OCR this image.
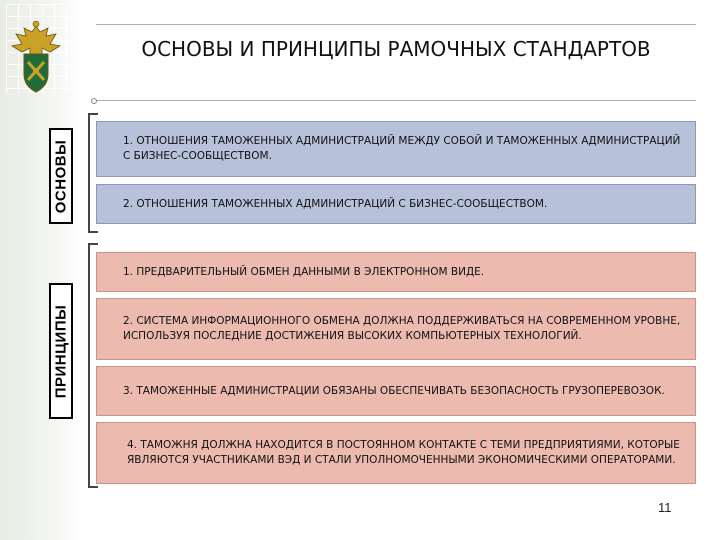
ОСНОВЫ
ПРИНЦИПЫ
ОСНОВЫ И ПРИНЦИПЫ РАМОЧНЫХ СТАНДАРТОВ
1. ОТНОШЕНИЯ ТАМОЖЕННЫХ АДМИНИСТРАЦИЙ МЕЖДУ СОБОЙ И ТАМОЖЕННЫХ АДМИНИСТРАЦИЙ С БИЗНЕС-СООБЩЕСТВОМ.
2. ОТНОШЕНИЯ ТАМОЖЕННЫХ АДМИНИСТРАЦИЙ С БИЗНЕС-СООБЩЕСТВОМ.
1. ПРЕДВАРИТЕЛЬНЫЙ ОБМЕН ДАННЫМИ В ЭЛЕКТРОННОМ ВИДЕ.
2. СИСТЕМА ИНФОРМАЦИОННОГО ОБМЕНА ДОЛЖНА ПОДДЕРЖИВАТЬСЯ НА СОВРЕМЕННОМ УРОВНЕ, ИСПОЛЬЗУЯ ПОСЛЕДНИЕ ДОСТИЖЕНИЯ ВЫСОКИХ КОМПЬЮТЕРНЫХ ТЕХНОЛОГИЙ.
3. ТАМОЖЕННЫЕ АДМИНИСТРАЦИИ ОБЯЗАНЫ ОБЕСПЕЧИВАТЬ БЕЗОПАСНОСТЬ ГРУЗОПЕРЕВОЗОК.
4. ТАМОЖНЯ ДОЛЖНА НАХОДИТСЯ В ПОСТОЯННОМ КОНТАКТЕ С ТЕМИ ПРЕДПРИЯТИЯМИ, КОТОРЫЕ ЯВЛЯЮТСЯ УЧАСТНИКАМИ ВЭД И СТАЛИ УПОЛНОМОЧЕННЫМИ ЭКОНОМИЧЕСКИМИ ОПЕРАТОРАМИ.
11
